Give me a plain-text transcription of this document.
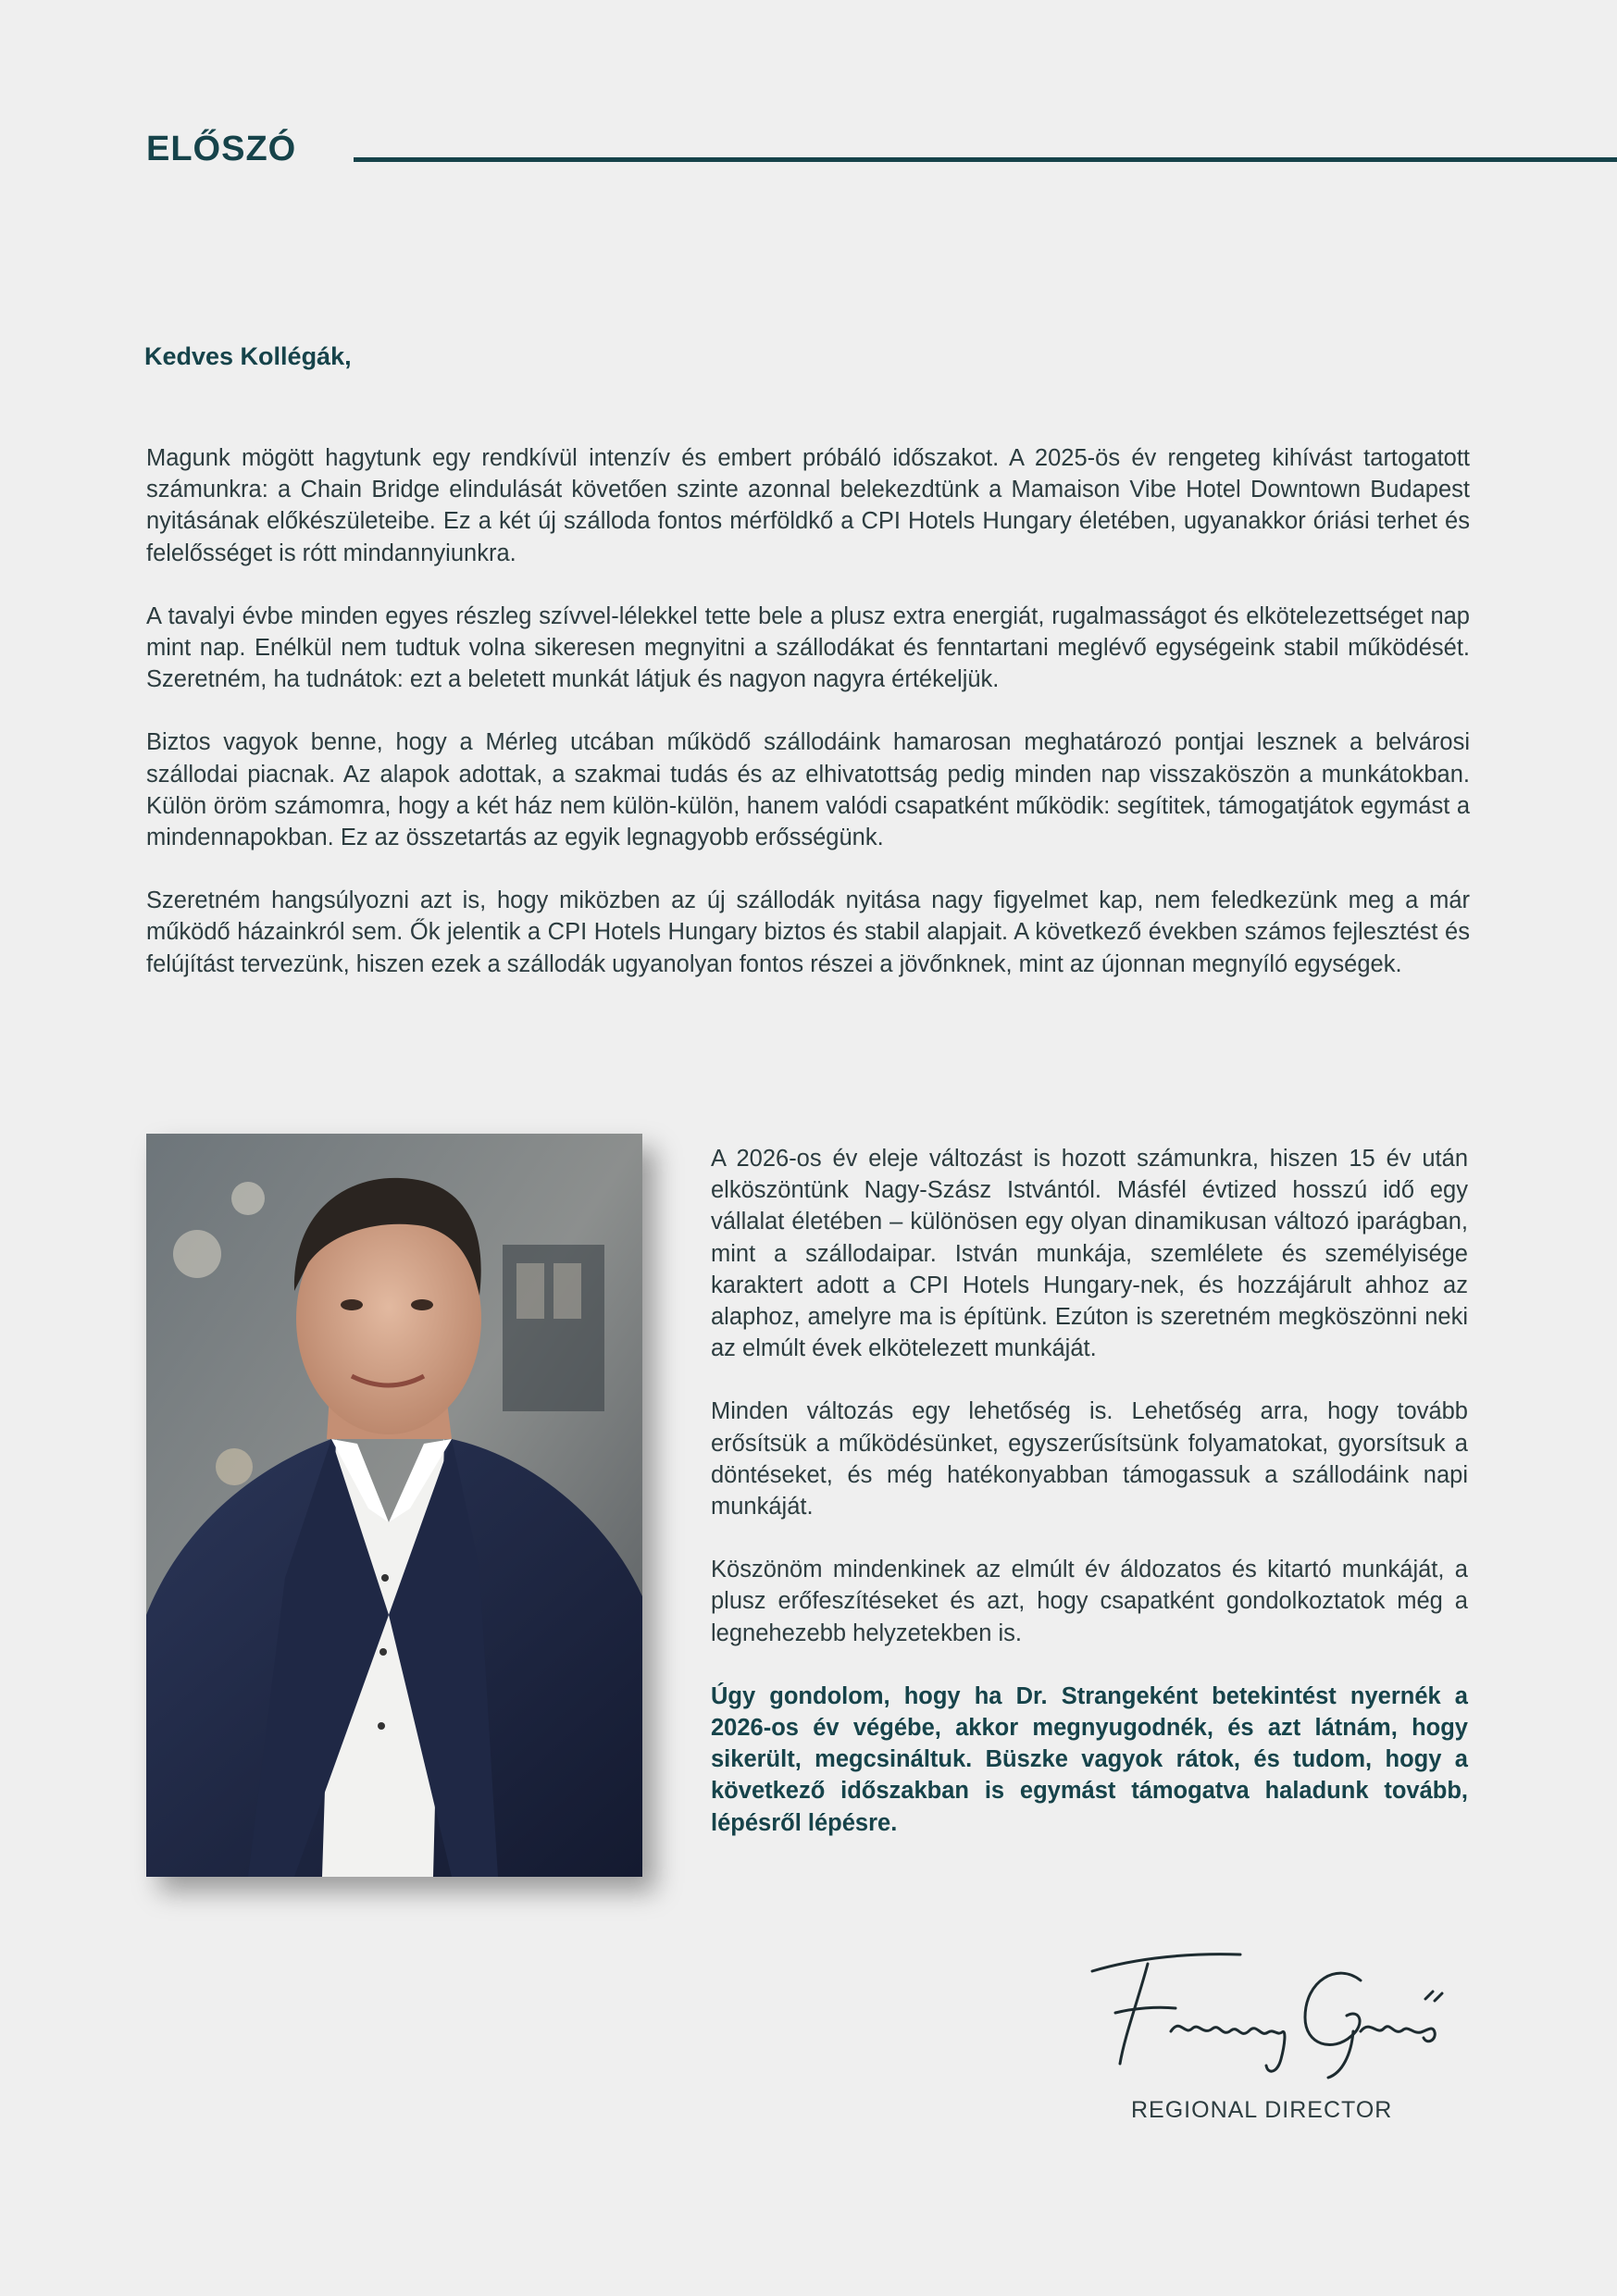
ELŐSZÓ

Kedves Kollégák,

Magunk mögött hagytunk egy rendkívül intenzív és embert próbáló időszakot. A 2025-ös év rengeteg kihívást tartogatott számunkra: a Chain Bridge elindulását követően szinte azonnal belekezdtünk a Mamaison Vibe Hotel Downtown Budapest nyitásának előkészületeibe. Ez a két új szálloda fontos mérföldkő a CPI Hotels Hungary életében, ugyanakkor óriási terhet és felelősséget is rótt mindannyiunkra.

A tavalyi évbe minden egyes részleg szívvel-lélekkel tette bele a plusz extra energiát, rugalmasságot és elkötelezettséget nap mint nap. Enélkül nem tudtuk volna sikeresen megnyitni a szállodákat és fenntartani meglévő egységeink stabil működését. Szeretném, ha tudnátok: ezt a beletett munkát látjuk és nagyon nagyra értékeljük.

Biztos vagyok benne, hogy a Mérleg utcában működő szállodáink hamarosan meghatározó pontjai lesznek a belvárosi szállodai piacnak. Az alapok adottak, a szakmai tudás és az elhivatottság pedig minden nap visszaköszön a munkátokban. Külön öröm számomra, hogy a két ház nem külön-külön, hanem valódi csapatként működik: segítitek, támogatjátok egymást a mindennapokban. Ez az összetartás az egyik legnagyobb erősségünk.

Szeretném hangsúlyozni azt is, hogy miközben az új szállodák nyitása nagy figyelmet kap, nem feledkezünk meg a már működő házainkról sem. Ők jelentik a CPI Hotels Hungary biztos és stabil alapjait. A következő években számos fejlesztést és felújítást tervezünk, hiszen ezek a szállodák ugyanolyan fontos részei a jövőnknek, mint az újonnan megnyíló egységek.

A 2026-os év eleje változást is hozott számunkra, hiszen 15 év után elköszöntünk Nagy-Szász Istvántól. Másfél évtized hosszú idő egy vállalat életében – különösen egy olyan dinamikusan változó iparágban, mint a szállodaipar. István munkája, szemlélete és személyisége karaktert adott a CPI Hotels Hungary-nek, és hozzájárult ahhoz az alaphoz, amelyre ma is építünk. Ezúton is szeretném megköszönni neki az elmúlt évek elkötelezett munkáját.

Minden változás egy lehetőség is. Lehetőség arra, hogy tovább erősítsük a működésünket, egyszerűsítsünk folyamatokat, gyorsítsuk a döntéseket, és még hatékonyabban támogassuk a szállodáink napi munkáját.

Köszönöm mindenkinek az elmúlt év áldozatos és kitartó munkáját, a plusz erőfeszítéseket és azt, hogy csapatként gondolkoztatok még a legnehezebb helyzetekben is.

Úgy gondolom, hogy ha Dr. Strangeként betekintést nyernék a 2026-os év végébe, akkor megnyugodnék, és azt látnám, hogy sikerült, megcsináltuk. Büszke vagyok rátok, és tudom, hogy a következő időszakban is egymást támogatva haladunk tovább, lépésről lépésre.

REGIONAL DIRECTOR
